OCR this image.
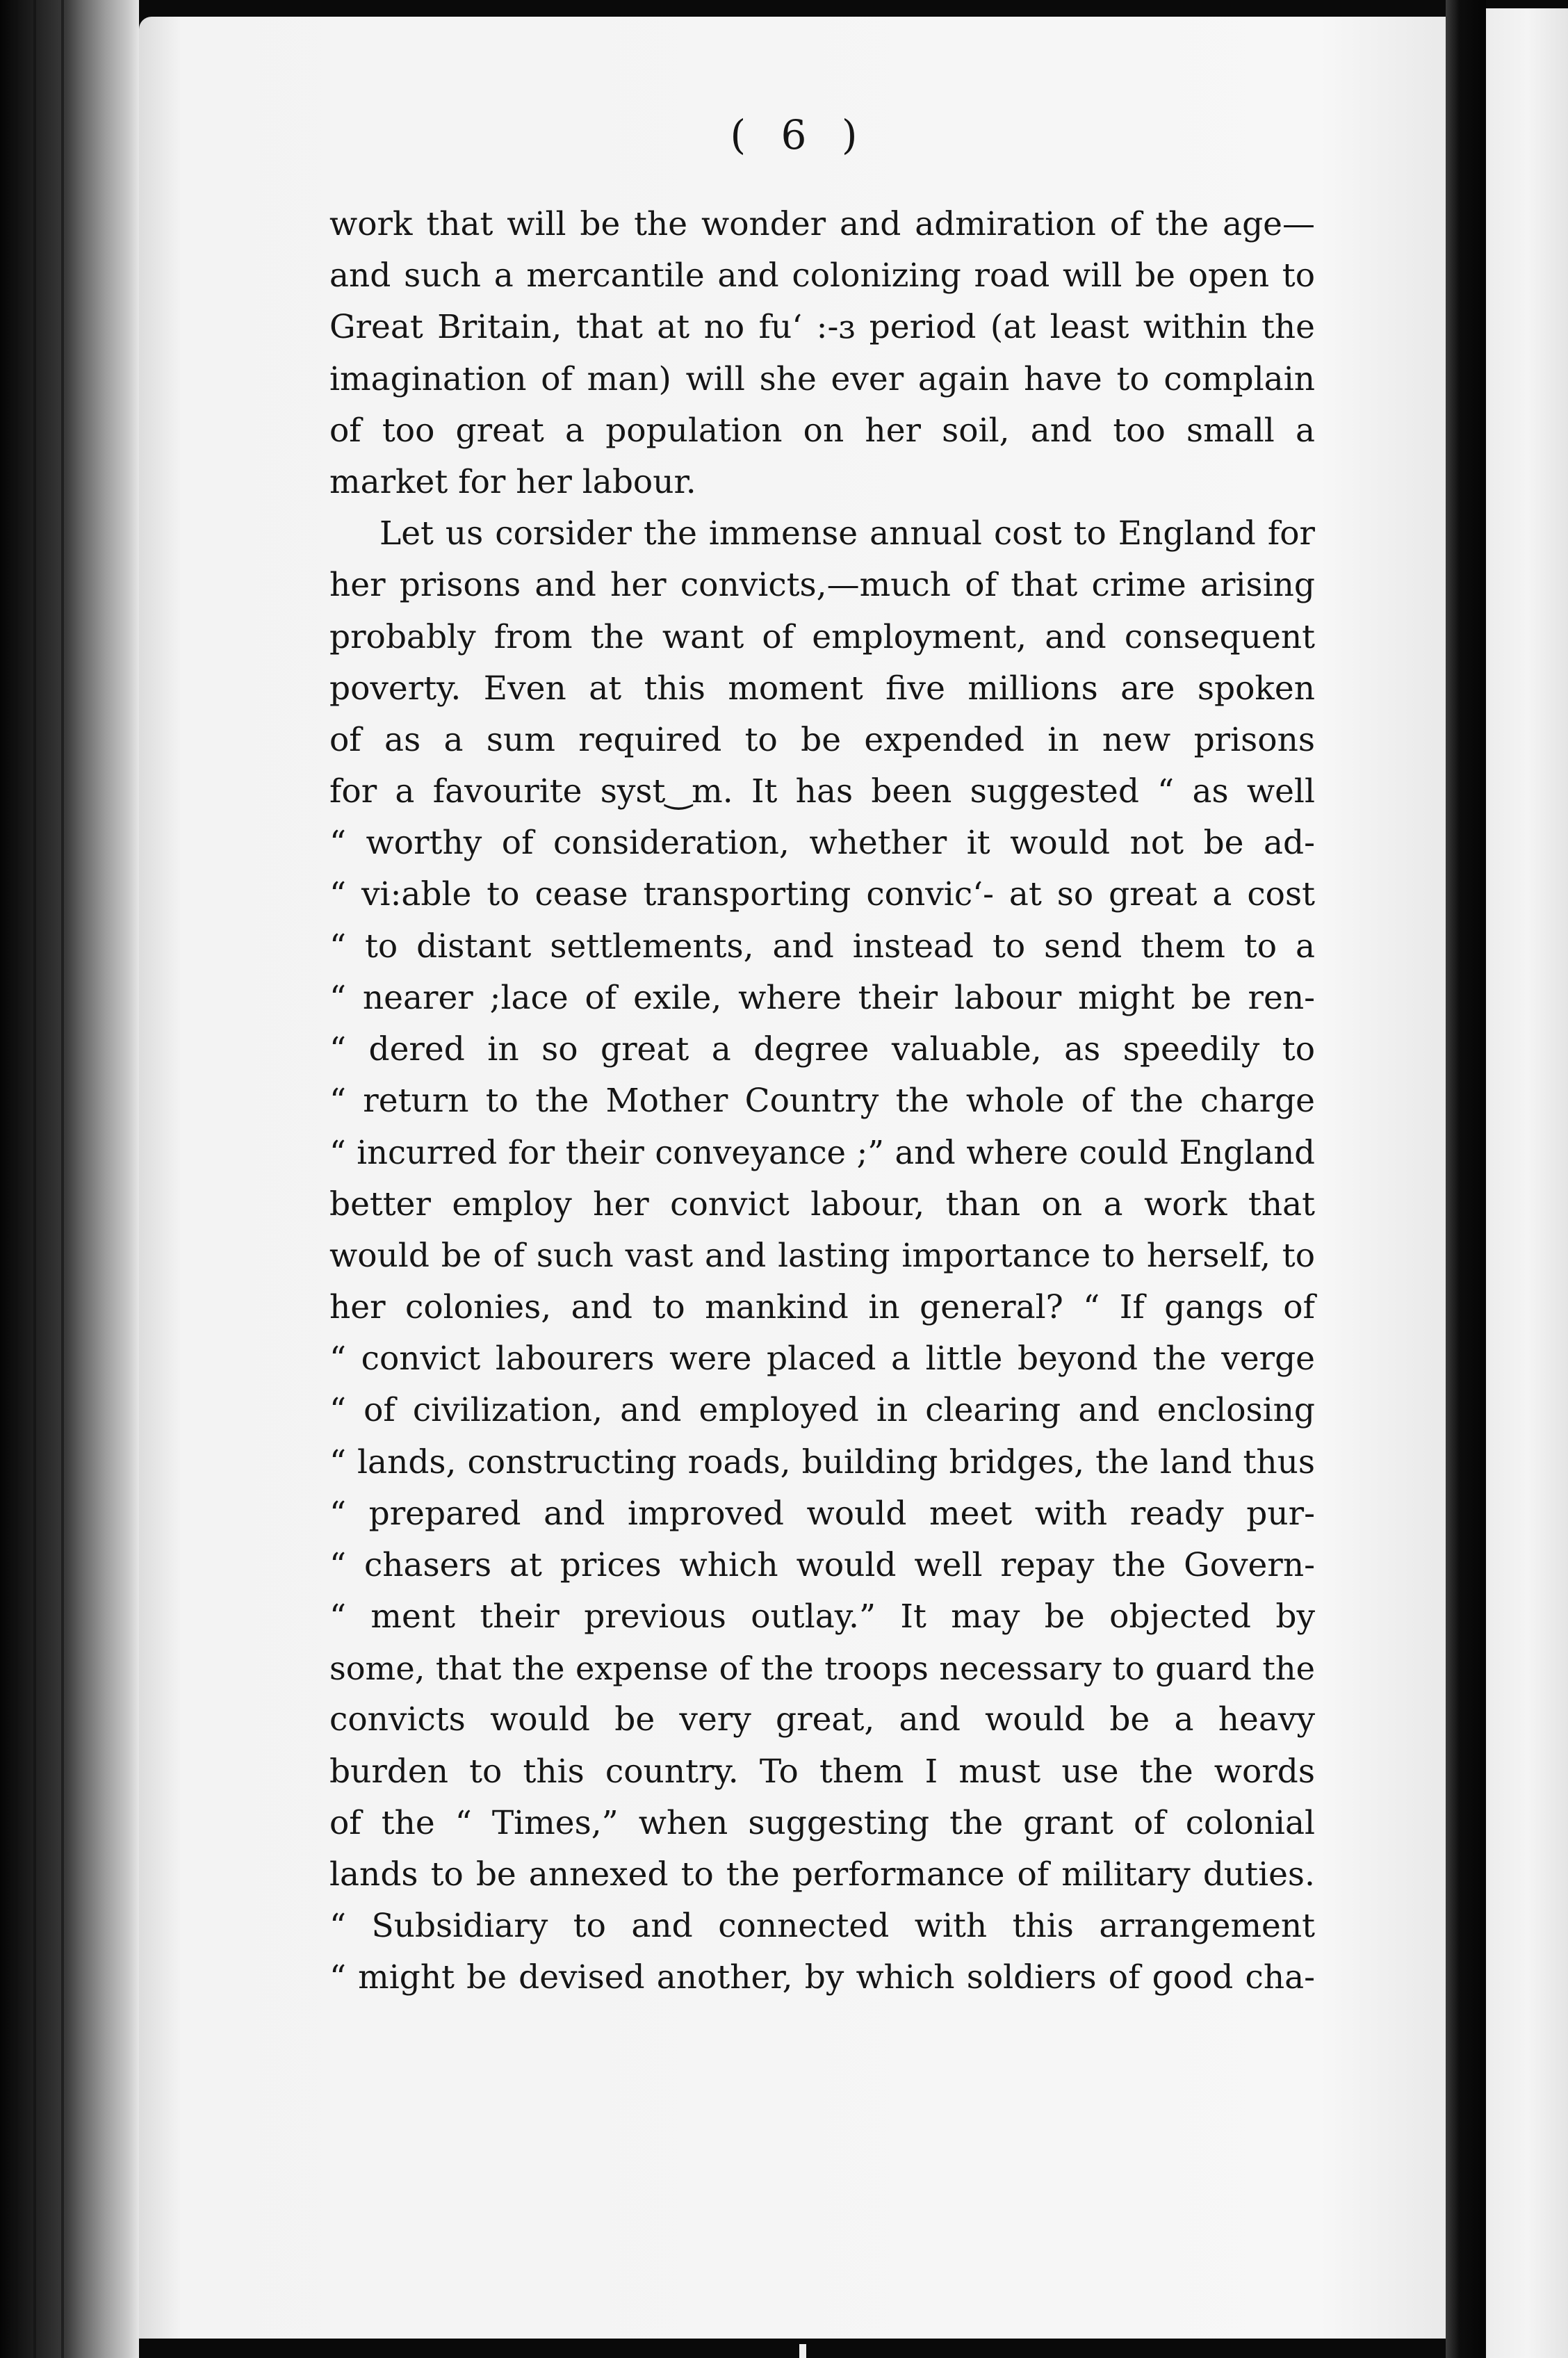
( 6 )
work that will be the wonder and admiration of the age—
and such a mercantile and colonizing road will be open to
Great Britain, that at no fu‘ :‑ɜ period (at least within the
imagination of man) will she ever again have to complain
of too great a population on her soil, and too small a
market for her labour.
Let us corsider the immense annual cost to England for
her prisons and her convicts,—much of that crime arising
probably from the want of employment, and consequent
poverty. Even at this moment five millions are spoken
of as a sum required to be expended in new prisons
for a favourite syst‿m. It has been suggested “ as well
“ worthy of consideration, whether it would not be ad-
“ vi:able to cease transporting convic‘‑ at so great a cost
“ to distant settlements, and instead to send them to a
“ nearer ;lace of exile, where their labour might be ren-
“ dered in so great a degree valuable, as speedily to
“ return to the Mother Country the whole of the charge
“ incurred for their conveyance ;” and where could England
better employ her convict labour, than on a work that
would be of such vast and lasting importance to herself, to
her colonies, and to mankind in general? “ If gangs of
“ convict labourers were placed a little beyond the verge
“ of civilization, and employed in clearing and enclosing
“ lands, constructing roads, building bridges, the land thus
“ prepared and improved would meet with ready pur-
“ chasers at prices which would well repay the Govern-
“ ment their previous outlay.” It may be objected by
some, that the expense of the troops necessary to guard the
convicts would be very great, and would be a heavy
burden to this country. To them I must use the words
of the “ Times,” when suggesting the grant of colonial
lands to be annexed to the performance of military duties.
“ Subsidiary to and connected with this arrangement
“ might be devised another, by which soldiers of good cha-
